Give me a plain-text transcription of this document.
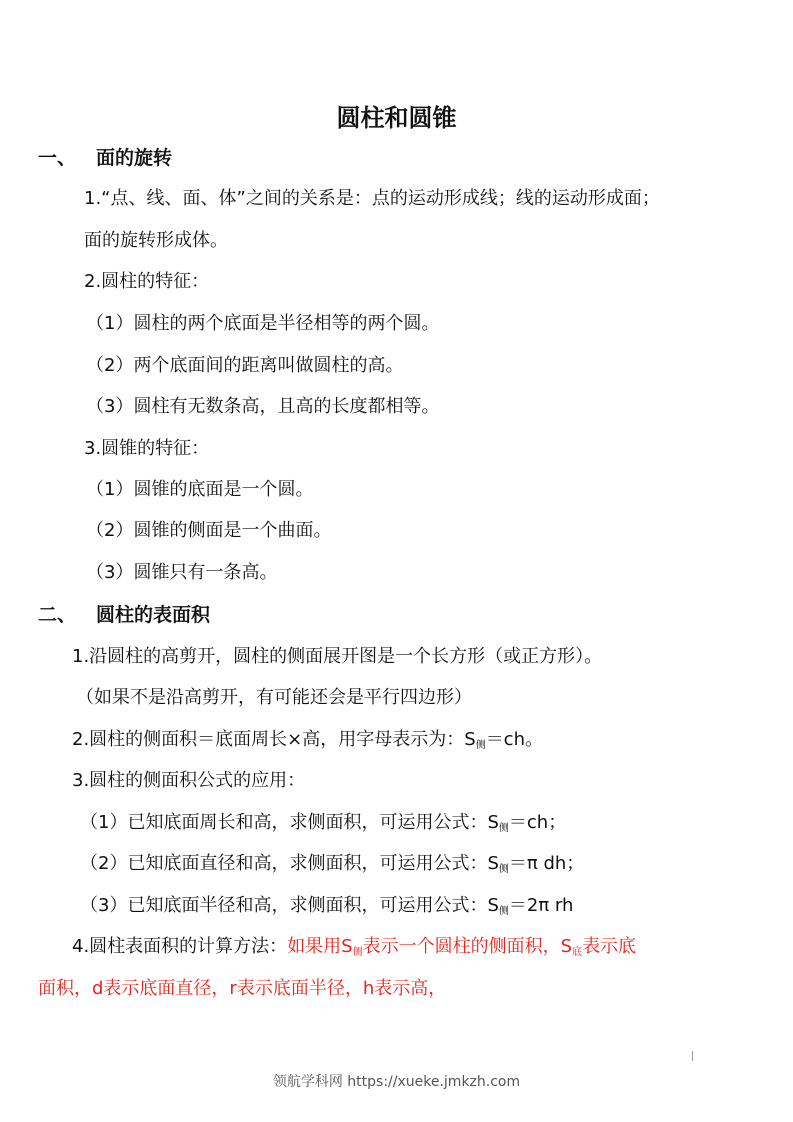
圆柱和圆锥
一、 面的旋转
1.“点、线、面、体”之间的关系是：点的运动形成线；线的运动形成面；
面的旋转形成体。
2.圆柱的特征：
（1）圆柱的两个底面是半径相等的两个圆。
（2）两个底面间的距离叫做圆柱的高。
（3）圆柱有无数条高，且高的长度都相等。
3.圆锥的特征：
（1）圆锥的底面是一个圆。
（2）圆锥的侧面是一个曲面。
（3）圆锥只有一条高。
二、 圆柱的表面积
1.沿圆柱的高剪开，圆柱的侧面展开图是一个长方形（或正方形）。
（如果不是沿高剪开，有可能还会是平行四边形）
2.圆柱的侧面积＝底面周长×高，用字母表示为：$S_侧=ch$。
3.圆柱的侧面积公式的应用：
（1）已知底面周长和高，求侧面积，可运用公式：$S_侧=ch$；
（2）已知底面直径和高，求侧面积，可运用公式：$S_侧=\pi$ dh；
（3）已知底面半径和高，求侧面积，可运用公式：$S_侧=2\pi$ rh
4.圆柱表面积的计算方法：如果用$S_侧$表示一个圆柱的侧面积，$S_底$表示底
面积，d表示底面直径，r表示底面半径，h表示高，
领航学科网 https://xueke.jmkzh.com
